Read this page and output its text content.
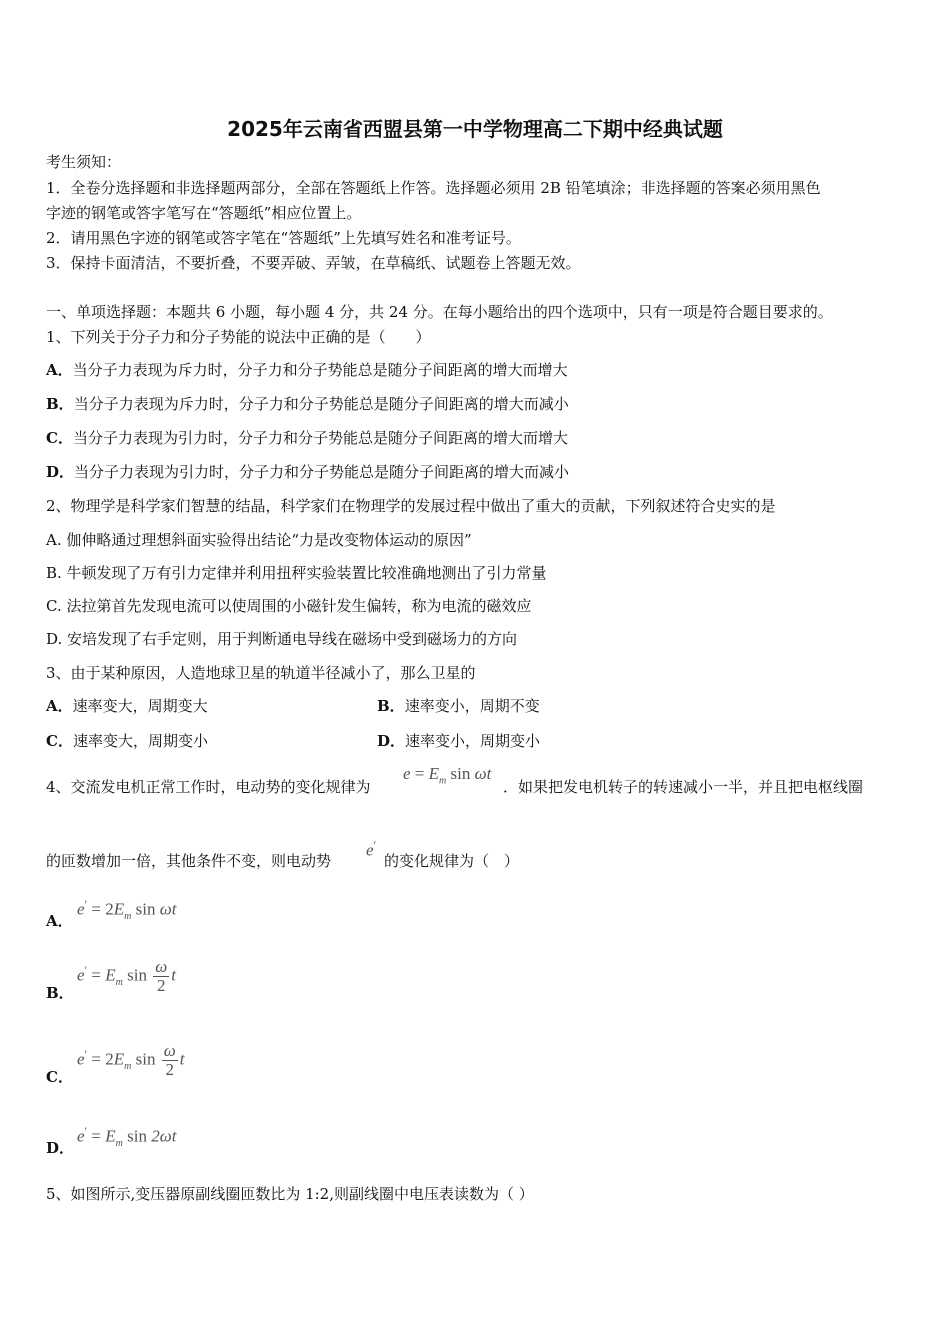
2025年云南省西盟县第一中学物理高二下期中经典试题
考生须知：
1．全卷分选择题和非选择题两部分，全部在答题纸上作答。选择题必须用 2B 铅笔填涂；非选择题的答案必须用黑色
字迹的钢笔或答字笔写在“答题纸”相应位置上。
2．请用黑色字迹的钢笔或答字笔在“答题纸”上先填写姓名和准考证号。
3．保持卡面清洁，不要折叠，不要弄破、弄皱，在草稿纸、试题卷上答题无效。
一、单项选择题：本题共 6 小题，每小题 4 分，共 24 分。在每小题给出的四个选项中，只有一项是符合题目要求的。
1、下列关于分子力和分子势能的说法中正确的是（　　）
A．当分子力表现为斥力时，分子力和分子势能总是随分子间距离的增大而增大
B．当分子力表现为斥力时，分子力和分子势能总是随分子间距离的增大而减小
C．当分子力表现为引力时，分子力和分子势能总是随分子间距离的增大而增大
D．当分子力表现为引力时，分子力和分子势能总是随分子间距离的增大而减小
2、物理学是科学家们智慧的结晶，科学家们在物理学的发展过程中做出了重大的贡献，下列叙述符合史实的是
A. 伽伸略通过理想斜面实验得出结论“力是改变物体运动的原因”
B. 牛顿发现了万有引力定律并利用扭秤实验装置比较准确地测出了引力常量
C. 法拉第首先发现电流可以使周围的小磁针发生偏转，称为电流的磁效应
D. 安培发现了右手定则，用于判断通电导线在磁场中受到磁场力的方向
3、由于某种原因，人造地球卫星的轨道半径减小了，那么卫星的
A．速率变大，周期变大	B．速率变小，周期不变
C．速率变大，周期变小	D．速率变小，周期变小
4、交流发电机正常工作时，电动势的变化规律为
$e = E_m$ sin ωt
．如果把发电机转子的转速减小一半，并且把电枢线圈
的匝数增加一倍，其他条件不变，则电动势
e′
的变化规律为（　）
A．
$e' = 2E_m$ sin ωt
B．
$e' = E_m$ $\sin \frac{\omega}{2}$ t
C．
$e' = 2E_m$ $\sin \frac{\omega}{2}$ t
D．
$e' = E_m$ sin 2ωt
5、如图所示,变压器原副线圈匝数比为 1:2,则副线圈中电压表读数为（ ）
